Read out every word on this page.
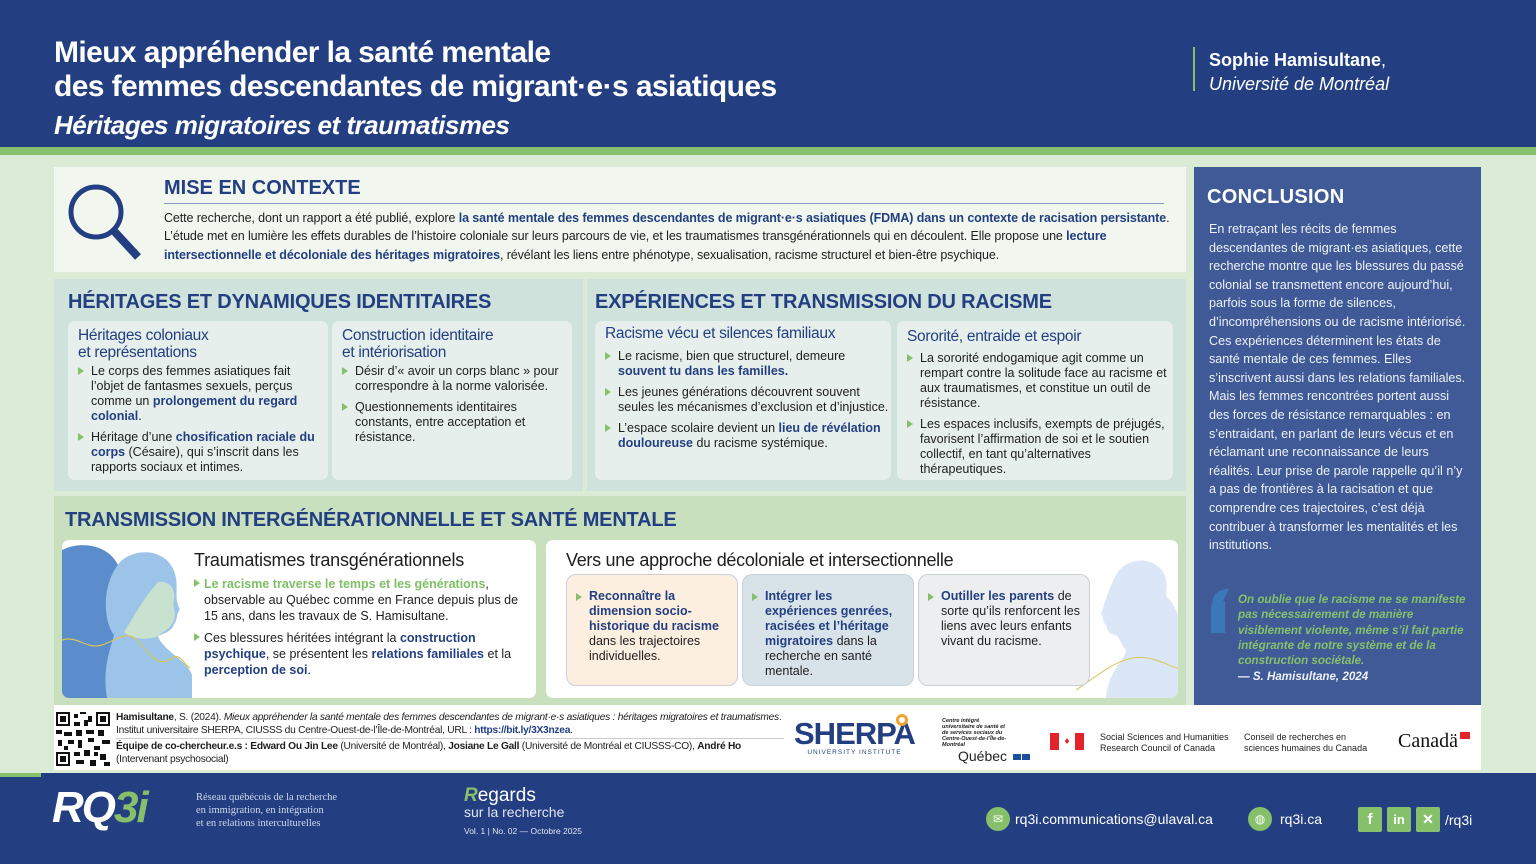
Mieux appréhender la santé mentale
des femmes descendantes de migrant·e·s asiatiques
Héritages migratoires et traumatismes
Sophie Hamisultane,
Université de Montréal
MISE EN CONTEXTE
Cette recherche, dont un rapport a été publié, explore la santé mentale des femmes descendantes de migrant·e·s asiatiques (FDMA) dans un contexte de racisation persistante. L’étude met en lumière les effets durables de l’histoire coloniale sur leurs parcours de vie, et les traumatismes transgénérationnels qui en découlent. Elle propose une lecture intersectionnelle et décoloniale des héritages migratoires, révélant les liens entre phénotype, sexualisation, racisme structurel et bien-être psychique.
HÉRITAGES ET DYNAMIQUES IDENTITAIRES
Héritages coloniaux
et représentations
Le corps des femmes asiatiques fait l’objet de fantasmes sexuels, perçus comme un prolongement du regard colonial.
Héritage d’une chosification raciale du corps (Césaire), qui s’inscrit dans les rapports sociaux et intimes.
Construction identitaire
et intériorisation
Désir d’« avoir un corps blanc » pour correspondre à la norme valorisée.
Questionnements identitaires constants, entre acceptation et résistance.
EXPÉRIENCES ET TRANSMISSION DU RACISME
Racisme vécu et silences familiaux
Le racisme, bien que structurel, demeure souvent tu dans les familles.
Les jeunes générations découvrent souvent seules les mécanismes d’exclusion et d’injustice.
L’espace scolaire devient un lieu de révélation douloureuse du racisme systémique.
Sororité, entraide et espoir
La sororité endogamique agit comme un rempart contre la solitude face au racisme et aux traumatismes, et constitue un outil de résistance.
Les espaces inclusifs, exempts de préjugés, favorisent l’affirmation de soi et le soutien collectif, en tant qu’alternatives thérapeutiques.
TRANSMISSION INTERGÉNÉRATIONNELLE ET SANTÉ MENTALE
Traumatismes transgénérationnels
Le racisme traverse le temps et les générations, observable au Québec comme en France depuis plus de 15 ans, dans les travaux de S. Hamisultane.
Ces blessures héritées intégrant la construction psychique, se présentent les relations familiales et la perception de soi.
Vers une approche décoloniale et intersectionnelle
Reconnaître la dimension socio-historique du racisme dans les trajectoires individuelles.
Intégrer les expériences genrées, racisées et l’héritage migratoires dans la recherche en santé mentale.
Outiller les parents de sorte qu’ils renforcent les liens avec leurs enfants vivant du racisme.
CONCLUSION
En retraçant les récits de femmes descendantes de migrant·es asiatiques, cette recherche montre que les blessures du passé colonial se transmettent encore aujourd’hui, parfois sous la forme de silences, d’incompréhensions ou de racisme intériorisé. Ces expériences déterminent les états de santé mentale de ces femmes. Elles s’inscrivent aussi dans les relations familiales. Mais les femmes rencontrées portent aussi des forces de résistance remarquables : en s’entraidant, en parlant de leurs vécus et en réclamant une reconnaissance de leurs réalités. Leur prise de parole rappelle qu’il n’y a pas de frontières à la racisation et que comprendre ces trajectoires, c’est déjà contribuer à transformer les mentalités et les institutions.
On oublie que le racisme ne se manifeste pas nécessairement de manière visiblement violente, même s’il fait partie intégrante de notre système et de la construction sociétale.
— S. Hamisultane, 2024
Hamisultane, S. (2024). Mieux appréhender la santé mentale des femmes descendantes de migrant·e·s asiatiques : héritages migratoires et traumatismes. Institut universitaire SHERPA, CIUSSS du Centre-Ouest-de-l’Île-de-Montréal, URL : https://bit.ly/3X3nzea.
Équipe de co-chercheur.e.s : Edward Ou Jin Lee (Université de Montréal), Josiane Le Gall (Université de Montréal et CIUSSS-CO), André Ho (Intervenant psychosocial)
SHERPA
UNIVERSITY INSTITUTE
Centre intégré universitaire de santé et de services sociaux du Centre-Ouest-de-l’Île-de-Montréal
Québec
♦	Social Sciences and Humanities
Research Council of Canada
Conseil de recherches en
sciences humaines du Canada Canadä
RQ3i	Réseau québécois de la recherche
en immigration, en intégration
et en relations interculturelles
Regards
sur la recherche
Vol. 1 | No. 02 — Octobre 2025
✉ rq3i.communications@ulaval.ca	◍	rq3i.ca	f	in	✕ /rq3i
